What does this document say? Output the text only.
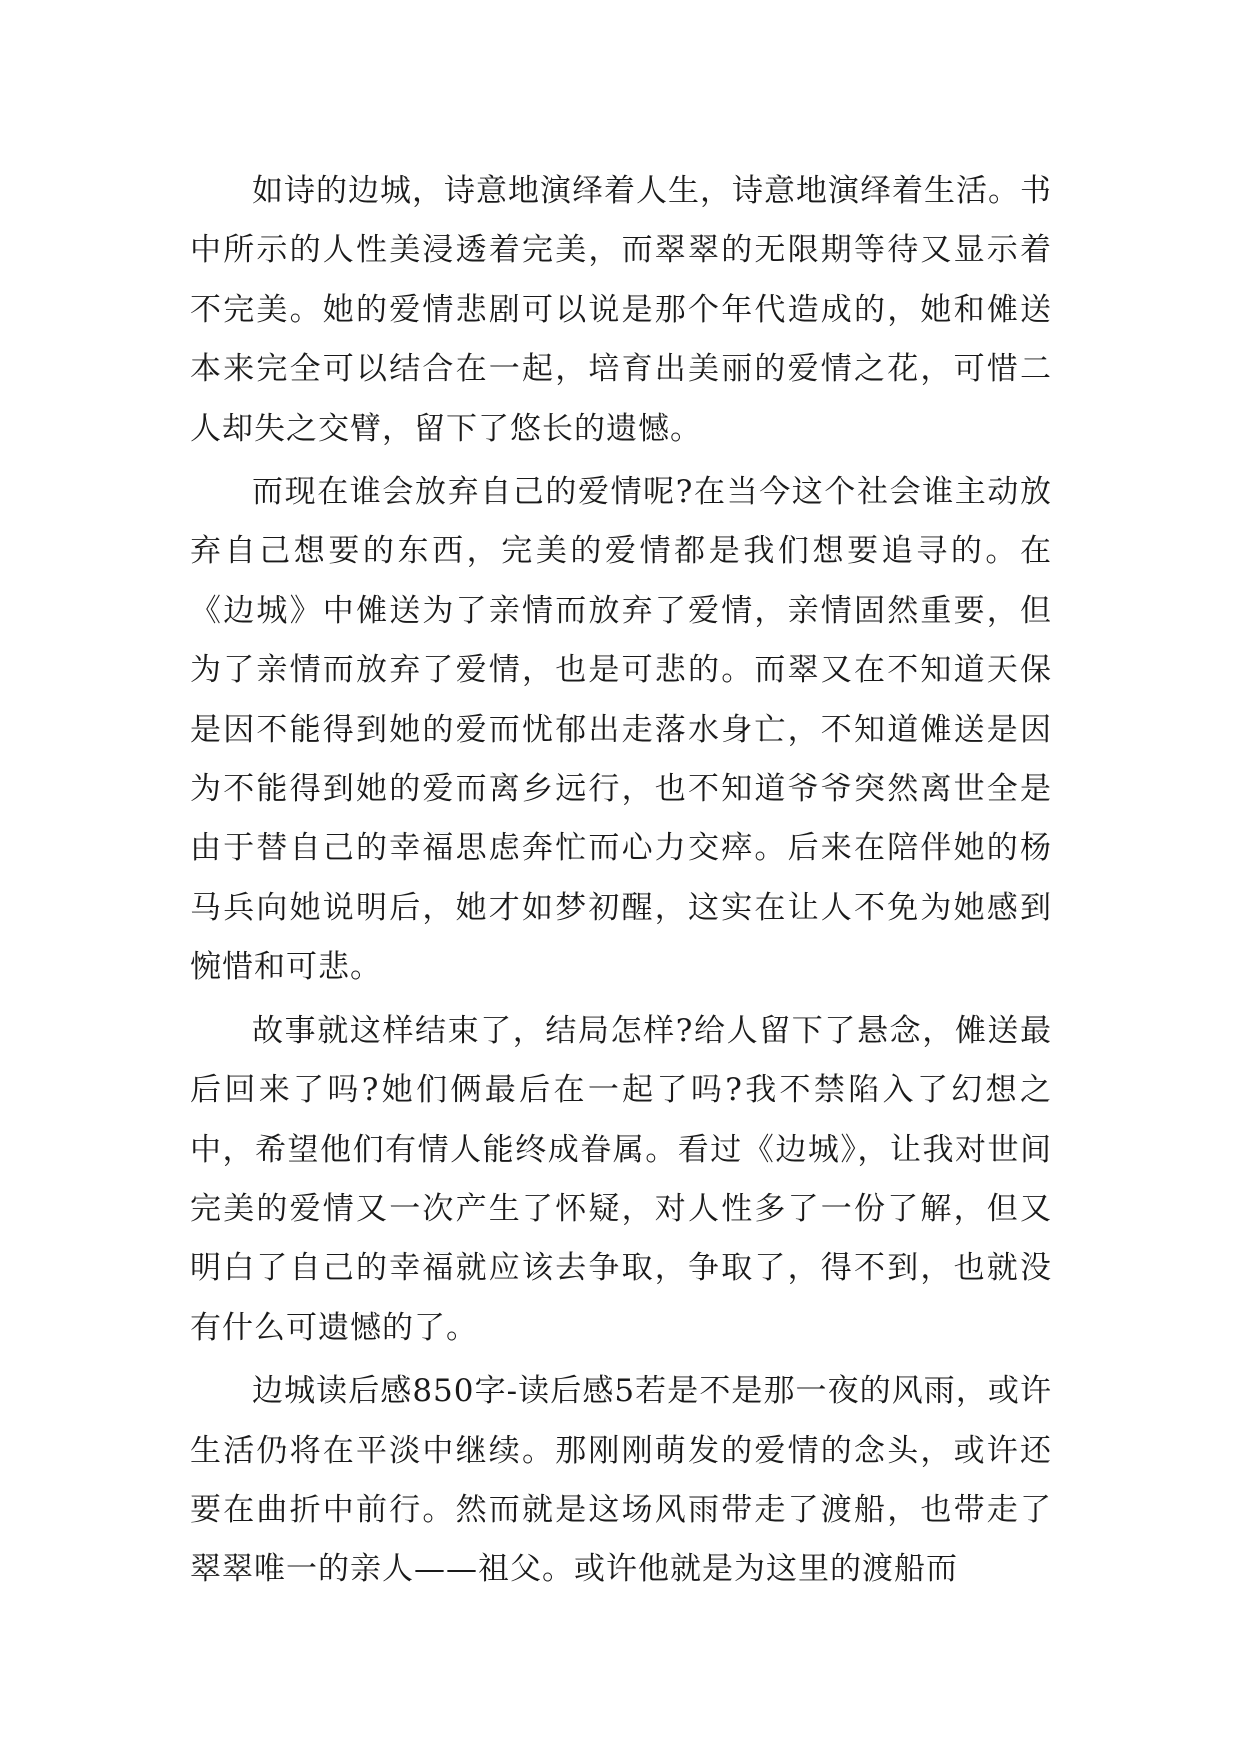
如诗的边城，诗意地演绎着人生，诗意地演绎着生活。书中所示的人性美浸透着完美，而翠翠的无限期等待又显示着不完美。她的爱情悲剧可以说是那个年代造成的，她和傩送本来完全可以结合在一起，培育出美丽的爱情之花，可惜二人却失之交臂，留下了悠长的遗憾。

而现在谁会放弃自己的爱情呢?在当今这个社会谁主动放弃自己想要的东西，完美的爱情都是我们想要追寻的。在《边城》中傩送为了亲情而放弃了爱情，亲情固然重要，但为了亲情而放弃了爱情，也是可悲的。而翠又在不知道天保是因不能得到她的爱而忧郁出走落水身亡，不知道傩送是因为不能得到她的爱而离乡远行，也不知道爷爷突然离世全是由于替自己的幸福思虑奔忙而心力交瘁。后来在陪伴她的杨马兵向她说明后，她才如梦初醒，这实在让人不免为她感到惋惜和可悲。

故事就这样结束了，结局怎样?给人留下了悬念，傩送最后回来了吗?她们俩最后在一起了吗?我不禁陷入了幻想之中，希望他们有情人能终成眷属。看过《边城》，让我对世间完美的爱情又一次产生了怀疑，对人性多了一份了解，但又明白了自己的幸福就应该去争取，争取了，得不到，也就没有什么可遗憾的了。

边城读后感850字-读后感5若是不是那一夜的风雨，或许生活仍将在平淡中继续。那刚刚萌发的爱情的念头，或许还要在曲折中前行。然而就是这场风雨带走了渡船，也带走了翠翠唯一的亲人——祖父。或许他就是为这里的渡船而
